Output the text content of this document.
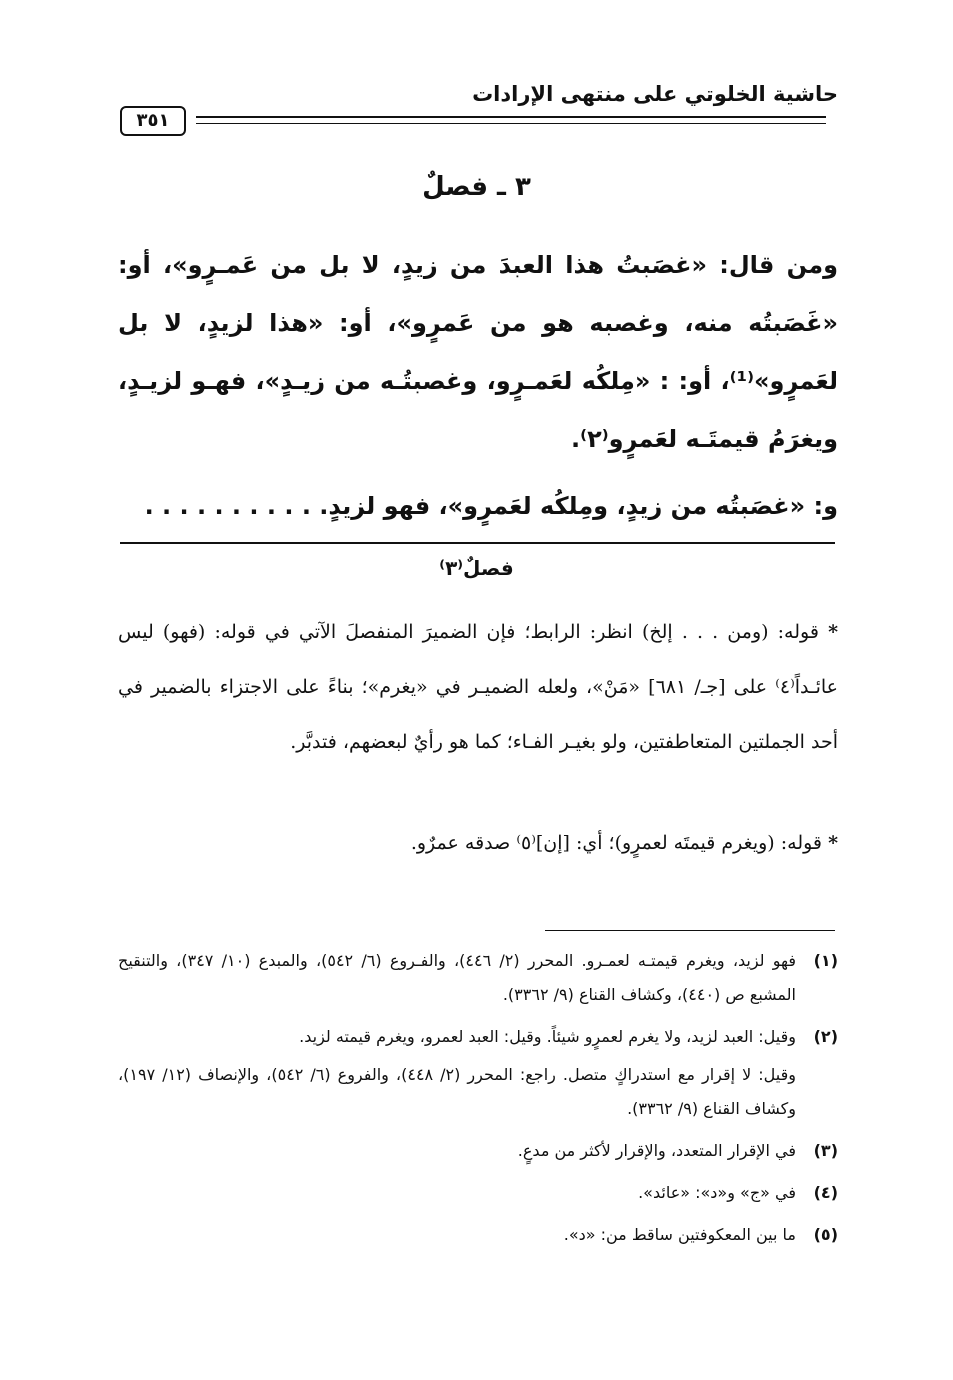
حاشية الخلوتي على منتهى الإرادات
٣٥١
٣ ـ فصلٌ

ومن قال: «غصَبتُ هذا العبدَ من زيدٍ، لا بل من عَمـرٍو»، أو: «غَصَبتُه منه، وغصبه هو من عَمرٍو»، أو: «هذا لزيدٍ، لا بل لعَمرٍو»⁽¹⁾، أو: : «مِلكُه لعَمـرٍو، وغصبتُـه من زيـدٍ»، فهـو لزيـدٍ، ويغرَمُ قيمتَـه لعَمرٍو⁽٢⁾.

و: «غصَبتُه من زيدٍ، ومِلكُه لعَمرٍو»، فهو لزيدٍ. . . . . . . . . . .
فصلٌ⁽٣⁾

* قوله: (ومن . . . إلخ) انظر: الرابط؛ فإن الضميرَ المنفصلَ الآتي في قوله: (فهو) ليس عائـداً⁽٤⁾ على [جـ/ ٦٨١] «مَنْ»، ولعله الضميـر في «يغرم»؛ بناءً على الاجتزاء بالضمير في أحد الجملتين المتعاطفتين، ولو بغيـر الفـاء؛ كما هو رأيٌ لبعضهم، فتدبَّر.

* قوله: (ويغرم قيمتَه لعمرٍو)؛ أي: [إن]⁽٥⁾ صدقه عمرٌو.

(١)
فهو لزيد، ويغرم قيمتـه لعمـرو. المحرر (٢/ ٤٤٦)، والفـروع (٦/ ٥٤٢)، والمبدع (١٠/ ٣٤٧)، والتنقيح المشبع ص (٤٤٠)، وكشاف القناع (٩/ ٣٣٦٢).
(٢)
وقيل: العبد لزيد، ولا يغرم لعمرٍو شيئاً. وقيل: العبد لعمرو، ويغرم قيمته لزيد.
وقيل: لا إقرار مع استدراكٍ متصل. راجع: المحرر (٢/ ٤٤٨)، والفروع (٦/ ٥٤٢)، والإنصاف (١٢/ ١٩٧)، وكشاف القناع (٩/ ٣٣٦٢).
(٣)
في الإقرار المتعدد، والإقرار لأكثر من مدعٍ.
(٤)
في «ج» و«د»: «عائد».
(٥)
ما بين المعكوفتين ساقط من: «د».
